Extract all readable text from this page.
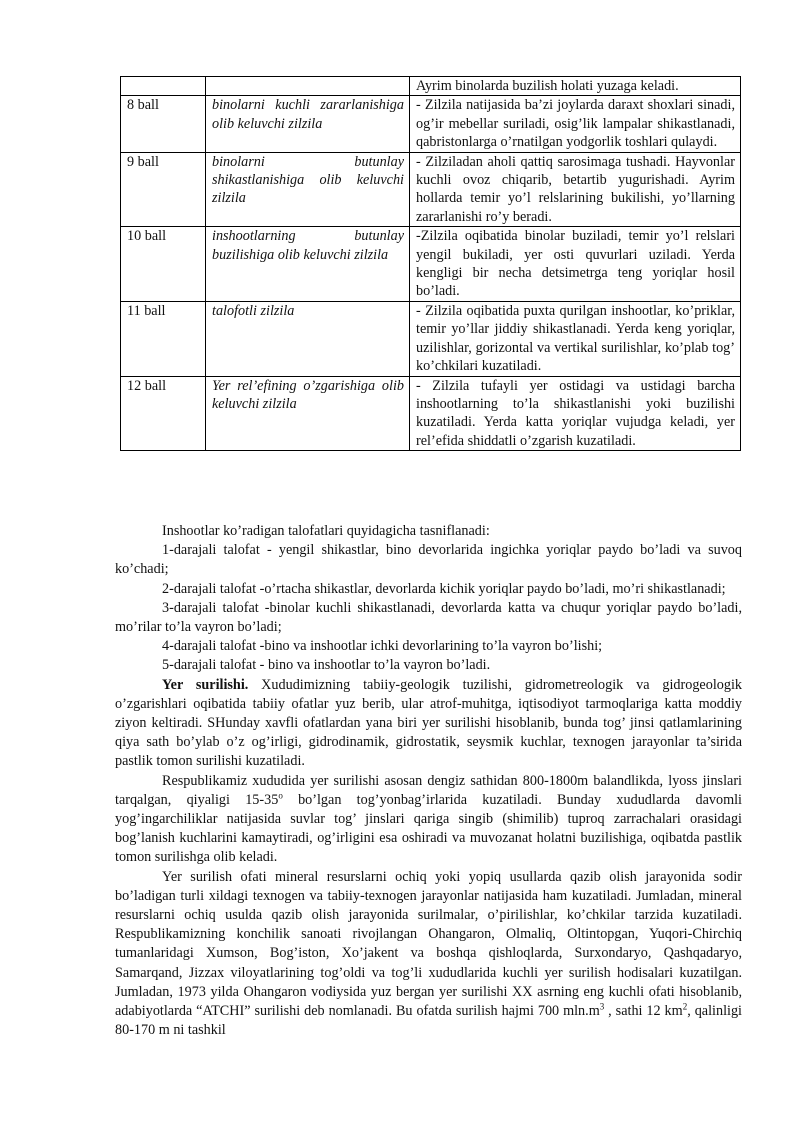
		Ayrim binolarda buzilish holati yuzaga keladi.
8 ball	binolarni kuchli zararlanishiga olib keluvchi zilzila	- Zilzila natijasida ba’zi joylarda daraxt shoxlari sinadi, og’ir mebellar suriladi, osig’lik lampalar shikastlanadi, qabristonlarga o’rnatilgan yodgorlik toshlari qulaydi.
9 ball	binolarni butunlay shikastlanishiga olib keluvchi zilzila	- Zilziladan aholi qattiq sarosimaga tushadi. Hayvonlar kuchli ovoz chiqarib, betartib yugurishadi. Ayrim hollarda temir yo’l relslarining bukilishi, yo’llarning zararlanishi ro’y beradi.
10 ball	inshootlarning butunlay buzilishiga olib keluvchi zilzila	-Zilzila oqibatida binolar buziladi, temir yo’l relslari yengil bukiladi, yer osti quvurlari uziladi. Yerda kengligi bir necha detsimetrga teng yoriqlar hosil bo’ladi.
11 ball	talofotli zilzila	- Zilzila oqibatida puxta qurilgan inshootlar, ko’priklar, temir yo’llar jiddiy shikastlanadi. Yerda keng yoriqlar, uzilishlar, gorizontal va vertikal surilishlar, ko’plab tog’ ko’chkilari kuzatiladi.
12 ball	Yer rel’efining o’zgarishiga olib keluvchi zilzila	- Zilzila tufayli yer ostidagi va ustidagi barcha inshootlarning to’la shikastlanishi yoki buzilishi kuzatiladi. Yerda katta yoriqlar vujudga keladi, yer rel’efida shiddatli o’zgarish kuzatiladi.

Inshootlar ko’radigan talofatlari quyidagicha tasniflanadi:

1-darajali talofat - yengil shikastlar, bino devorlarida ingichka yoriqlar paydo bo’ladi va suvoq ko’chadi;

2-darajali talofat -o’rtacha shikastlar, devorlarda kichik yoriqlar paydo bo’ladi, mo’ri shikastlanadi;

3-darajali talofat -binolar kuchli shikastlanadi, devorlarda katta va chuqur yoriqlar paydo bo’ladi, mo’rilar to’la vayron bo’ladi;

4-darajali talofat -bino va inshootlar ichki devorlarining to’la vayron bo’lishi;

5-darajali talofat - bino va inshootlar to’la vayron bo’ladi.

Yer surilishi. Xududimizning tabiiy-geologik tuzilishi, gidrometreologik va gidrogeologik o’zgarishlari oqibatida tabiiy ofatlar yuz berib, ular atrof-muhitga, iqtisodiyot tarmoqlariga katta moddiy ziyon keltiradi. SHunday xavfli ofatlardan yana biri yer surilishi hisoblanib, bunda tog’ jinsi qatlamlarining qiya sath bo’ylab o’z og’irligi, gidrodinamik, gidrostatik, seysmik kuchlar, texnogen jarayonlar ta’sirida pastlik tomon surilishi kuzatiladi.

Respublikamiz xududida yer surilishi asosan dengiz sathidan 800-1800m balandlikda, lyoss jinslari tarqalgan, qiyaligi 15-35$^o$ bo’lgan tog’yonbag’irlarida kuzatiladi. Bunday xududlarda davomli yog’ingarchiliklar natijasida suvlar tog’ jinslari qariga singib (shimilib) tuproq zarrachalari orasidagi bog’lanish kuchlarini kamaytiradi, og’irligini esa oshiradi va muvozanat holatni buzilishiga, oqibatda pastlik tomon surilishga olib keladi.

Yer surilish ofati mineral resurslarni ochiq yoki yopiq usullarda qazib olish jarayonida sodir bo’ladigan turli xildagi texnogen va tabiiy-texnogen jarayonlar natijasida ham kuzatiladi. Jumladan, mineral resurslarni ochiq usulda qazib olish jarayonida surilmalar, o’pirilishlar, ko’chkilar tarzida kuzatiladi. Respublikamizning konchilik sanoati rivojlangan Ohangaron, Olmaliq, Oltintopgan, Yuqori-Chirchiq tumanlaridagi Xumson, Bog’iston, Xo’jakent va boshqa qishloqlarda, Surxondaryo, Qashqadaryo, Samarqand, Jizzax viloyatlarining tog’oldi va tog’li xududlarida kuchli yer surilish hodisalari kuzatilgan. Jumladan, 1973 yilda Ohangaron vodiysida yuz bergan yer surilishi XX asrning eng kuchli ofati hisoblanib, adabiyotlarda “ATCHI” surilishi deb nomlanadi. Bu ofatda surilish hajmi 700 $mln.m^3$ , sathi 12 $km^2$, qalinligi 80-170 m ni tashkil
